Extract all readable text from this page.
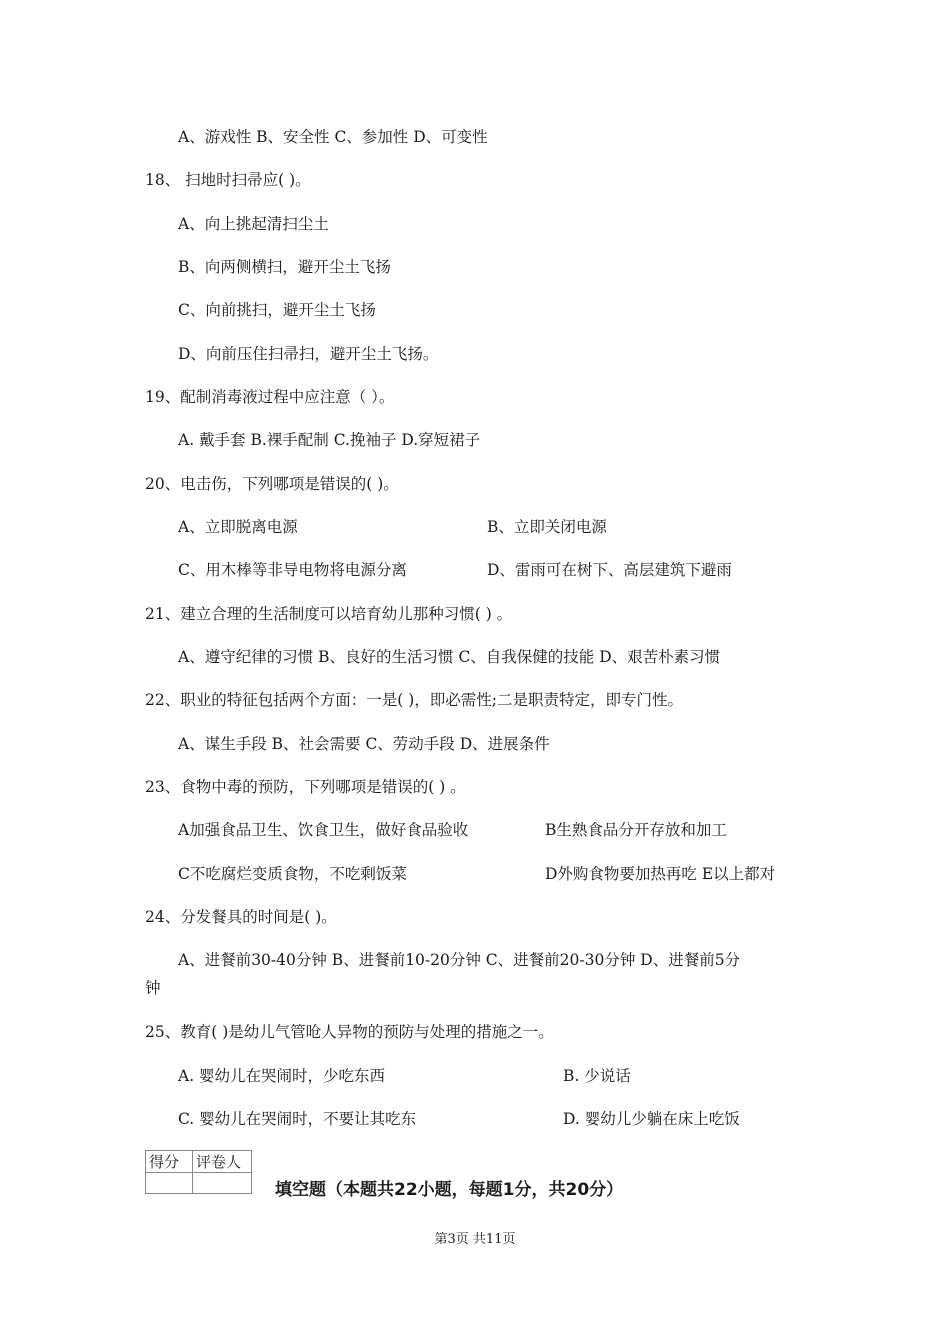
A、游戏性 B、安全性 C、参加性 D、可变性
18、 扫地时扫帚应( )。
A、向上挑起清扫尘土
B、向两侧横扫，避开尘土飞扬
C、向前挑扫，避开尘土飞扬
D、向前压住扫帚扫，避开尘土飞扬。
19、配制消毒液过程中应注意（ ）。
A. 戴手套 B.裸手配制 C.挽袖子 D.穿短裙子
20、电击伤，下列哪项是错误的( )。
A、立即脱离电源	B、立即关闭电源
C、用木棒等非导电物将电源分离	D、雷雨可在树下、高层建筑下避雨
21、建立合理的生活制度可以培育幼儿那种习惯( ) 。
A、遵守纪律的习惯 B、良好的生活习惯 C、自我保健的技能 D、艰苦朴素习惯
22、职业的特征包括两个方面：一是( )，即必需性;二是职责特定，即专门性。
A、谋生手段 B、社会需要 C、劳动手段 D、进展条件
23、食物中毒的预防，下列哪项是错误的( ) 。
A加强食品卫生、饮食卫生，做好食品验收	B生熟食品分开存放和加工
C不吃腐烂变质食物，不吃剩饭菜	D外购食物要加热再吃 E以上都对
24、分发餐具的时间是( )。
A、进餐前30-40分钟 B、进餐前10-20分钟 C、进餐前20-30分钟 D、进餐前5分
钟
25、教育( )是幼儿气管呛人异物的预防与处理的措施之一。
A. 婴幼儿在哭闹时，少吃东西	B. 少说话
C. 婴幼儿在哭闹时，不要让其吃东	D. 婴幼儿少躺在床上吃饭
得分	评卷人

填空题（本题共22小题，每题1分，共20分）
第3页 共11页
